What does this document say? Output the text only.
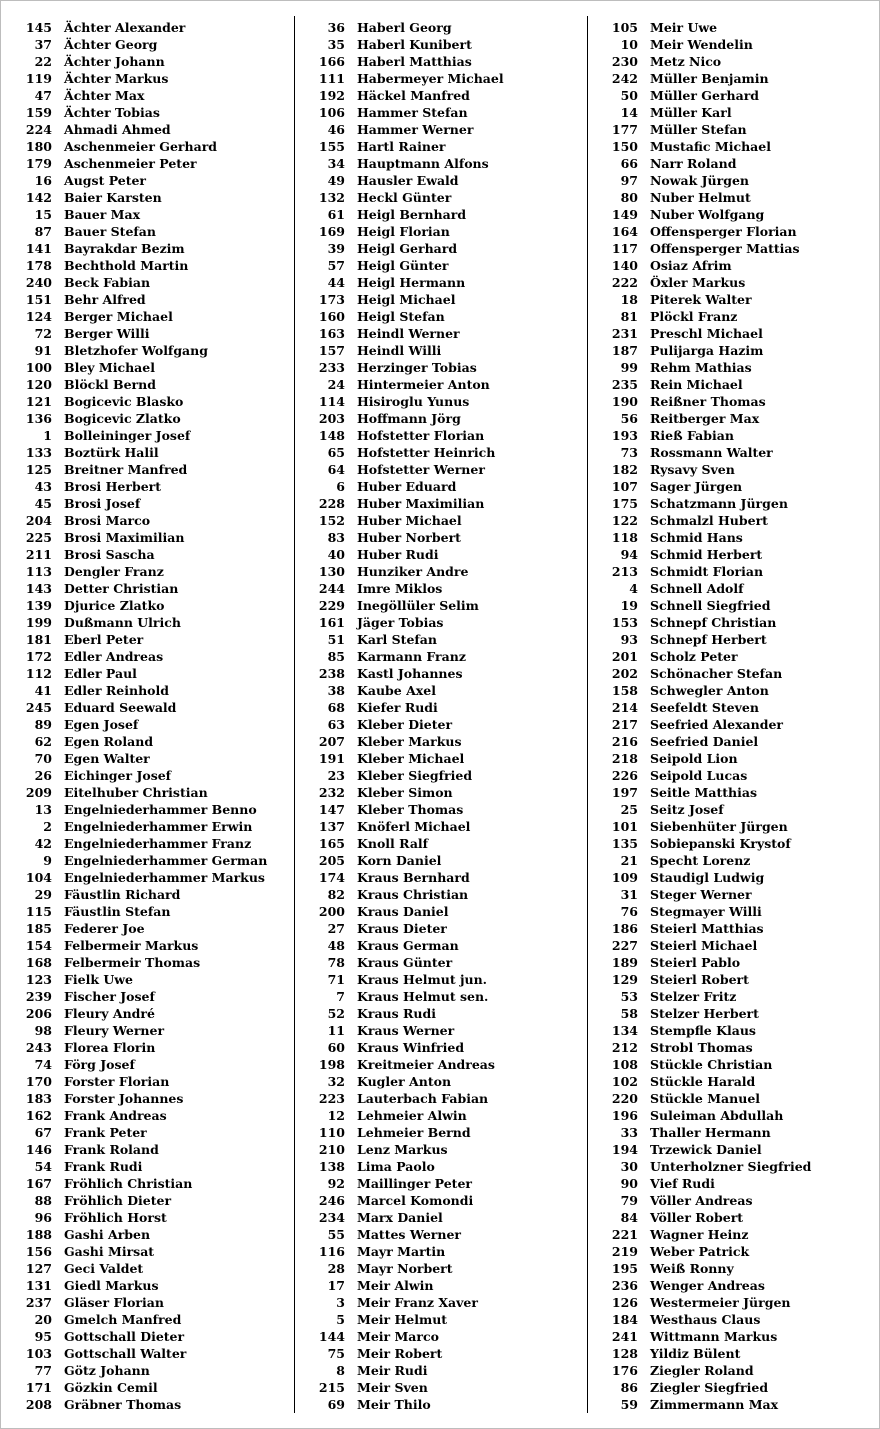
145 Ächter Alexander
37 Ächter Georg
22 Ächter Johann
119 Ächter Markus
47 Ächter Max
159 Ächter Tobias
224 Ahmadi Ahmed
180 Aschenmeier Gerhard
179 Aschenmeier Peter
16 Augst Peter
142 Baier Karsten
15 Bauer Max
87 Bauer Stefan
141 Bayrakdar Bezim
178 Bechthold Martin
240 Beck Fabian
151 Behr Alfred
124 Berger Michael
72 Berger Willi
91 Bletzhofer Wolfgang
100 Bley Michael
120 Blöckl Bernd
121 Bogicevic Blasko
136 Bogicevic Zlatko
1 Bolleininger Josef
133 Boztürk Halil
125 Breitner Manfred
43 Brosi Herbert
45 Brosi Josef
204 Brosi Marco
225 Brosi Maximilian
211 Brosi Sascha
113 Dengler Franz
143 Detter Christian
139 Djurice Zlatko
199 Dußmann Ulrich
181 Eberl Peter
172 Edler Andreas
112 Edler Paul
41 Edler Reinhold
245 Eduard Seewald
89 Egen Josef
62 Egen Roland
70 Egen Walter
26 Eichinger Josef
209 Eitelhuber Christian
13 Engelniederhammer Benno
2 Engelniederhammer Erwin
42 Engelniederhammer Franz
9 Engelniederhammer German
104 Engelniederhammer Markus
29 Fäustlin Richard
115 Fäustlin Stefan
185 Federer Joe
154 Felbermeir Markus
168 Felbermeir Thomas
123 Fielk Uwe
239 Fischer Josef
206 Fleury André
98 Fleury Werner
243 Florea Florin
74 Förg Josef
170 Forster Florian
183 Forster Johannes
162 Frank Andreas
67 Frank Peter
146 Frank Roland
54 Frank Rudi
167 Fröhlich Christian
88 Fröhlich Dieter
96 Fröhlich Horst
188 Gashi Arben
156 Gashi Mirsat
127 Geci Valdet
131 Giedl Markus
237 Gläser Florian
20 Gmelch Manfred
95 Gottschall Dieter
103 Gottschall Walter
77 Götz Johann
171 Gözkin Cemil
208 Gräbner Thomas
36 Haberl Georg
35 Haberl Kunibert
166 Haberl Matthias
111 Habermeyer Michael
192 Häckel Manfred
106 Hammer Stefan
46 Hammer Werner
155 Hartl Rainer
34 Hauptmann Alfons
49 Hausler Ewald
132 Heckl Günter
61 Heigl Bernhard
169 Heigl Florian
39 Heigl Gerhard
57 Heigl Günter
44 Heigl Hermann
173 Heigl Michael
160 Heigl Stefan
163 Heindl Werner
157 Heindl Willi
233 Herzinger Tobias
24 Hintermeier Anton
114 Hisiroglu Yunus
203 Hoffmann Jörg
148 Hofstetter Florian
65 Hofstetter Heinrich
64 Hofstetter Werner
6 Huber Eduard
228 Huber Maximilian
152 Huber Michael
83 Huber Norbert
40 Huber Rudi
130 Hunziker Andre
244 Imre Miklos
229 Inegöllüler Selim
161 Jäger Tobias
51 Karl Stefan
85 Karmann Franz
238 Kastl Johannes
38 Kaube Axel
68 Kiefer Rudi
63 Kleber Dieter
207 Kleber Markus
191 Kleber Michael
23 Kleber Siegfried
232 Kleber Simon
147 Kleber Thomas
137 Knöferl Michael
165 Knoll Ralf
205 Korn Daniel
174 Kraus Bernhard
82 Kraus Christian
200 Kraus Daniel
27 Kraus Dieter
48 Kraus German
78 Kraus Günter
71 Kraus Helmut jun.
7 Kraus Helmut sen.
52 Kraus Rudi
11 Kraus Werner
60 Kraus Winfried
198 Kreitmeier Andreas
32 Kugler Anton
223 Lauterbach Fabian
12 Lehmeier Alwin
110 Lehmeier Bernd
210 Lenz Markus
138 Lima Paolo
92 Maillinger Peter
246 Marcel Komondi
234 Marx Daniel
55 Mattes Werner
116 Mayr Martin
28 Mayr Norbert
17 Meir Alwin
3 Meir Franz Xaver
5 Meir Helmut
144 Meir Marco
75 Meir Robert
8 Meir Rudi
215 Meir Sven
69 Meir Thilo
105 Meir Uwe
10 Meir Wendelin
230 Metz Nico
242 Müller Benjamin
50 Müller Gerhard
14 Müller Karl
177 Müller Stefan
150 Mustafic Michael
66 Narr Roland
97 Nowak Jürgen
80 Nuber Helmut
149 Nuber Wolfgang
164 Offensperger Florian
117 Offensperger Mattias
140 Osiaz Afrim
222 Öxler Markus
18 Piterek Walter
81 Plöckl Franz
231 Preschl Michael
187 Pulijarga Hazim
99 Rehm Mathias
235 Rein Michael
190 Reißner Thomas
56 Reitberger Max
193 Rieß Fabian
73 Rossmann Walter
182 Rysavy Sven
107 Sager Jürgen
175 Schatzmann Jürgen
122 Schmalzl Hubert
118 Schmid Hans
94 Schmid Herbert
213 Schmidt Florian
4 Schnell Adolf
19 Schnell Siegfried
153 Schnepf Christian
93 Schnepf Herbert
201 Scholz Peter
202 Schönacher Stefan
158 Schwegler Anton
214 Seefeldt Steven
217 Seefried Alexander
216 Seefried Daniel
218 Seipold Lion
226 Seipold Lucas
197 Seitle Matthias
25 Seitz Josef
101 Siebenhüter Jürgen
135 Sobiepanski Krystof
21 Specht Lorenz
109 Staudigl Ludwig
31 Steger Werner
76 Stegmayer Willi
186 Steierl Matthias
227 Steierl Michael
189 Steierl Pablo
129 Steierl Robert
53 Stelzer Fritz
58 Stelzer Herbert
134 Stempfle Klaus
212 Strobl Thomas
108 Stückle Christian
102 Stückle Harald
220 Stückle Manuel
196 Suleiman Abdullah
33 Thaller Hermann
194 Trzewick Daniel
30 Unterholzner Siegfried
90 Vief Rudi
79 Völler Andreas
84 Völler Robert
221 Wagner Heinz
219 Weber Patrick
195 Weiß Ronny
236 Wenger Andreas
126 Westermeier Jürgen
184 Westhaus Claus
241 Wittmann Markus
128 Yildiz Bülent
176 Ziegler Roland
86 Ziegler Siegfried
59 Zimmermann Max
